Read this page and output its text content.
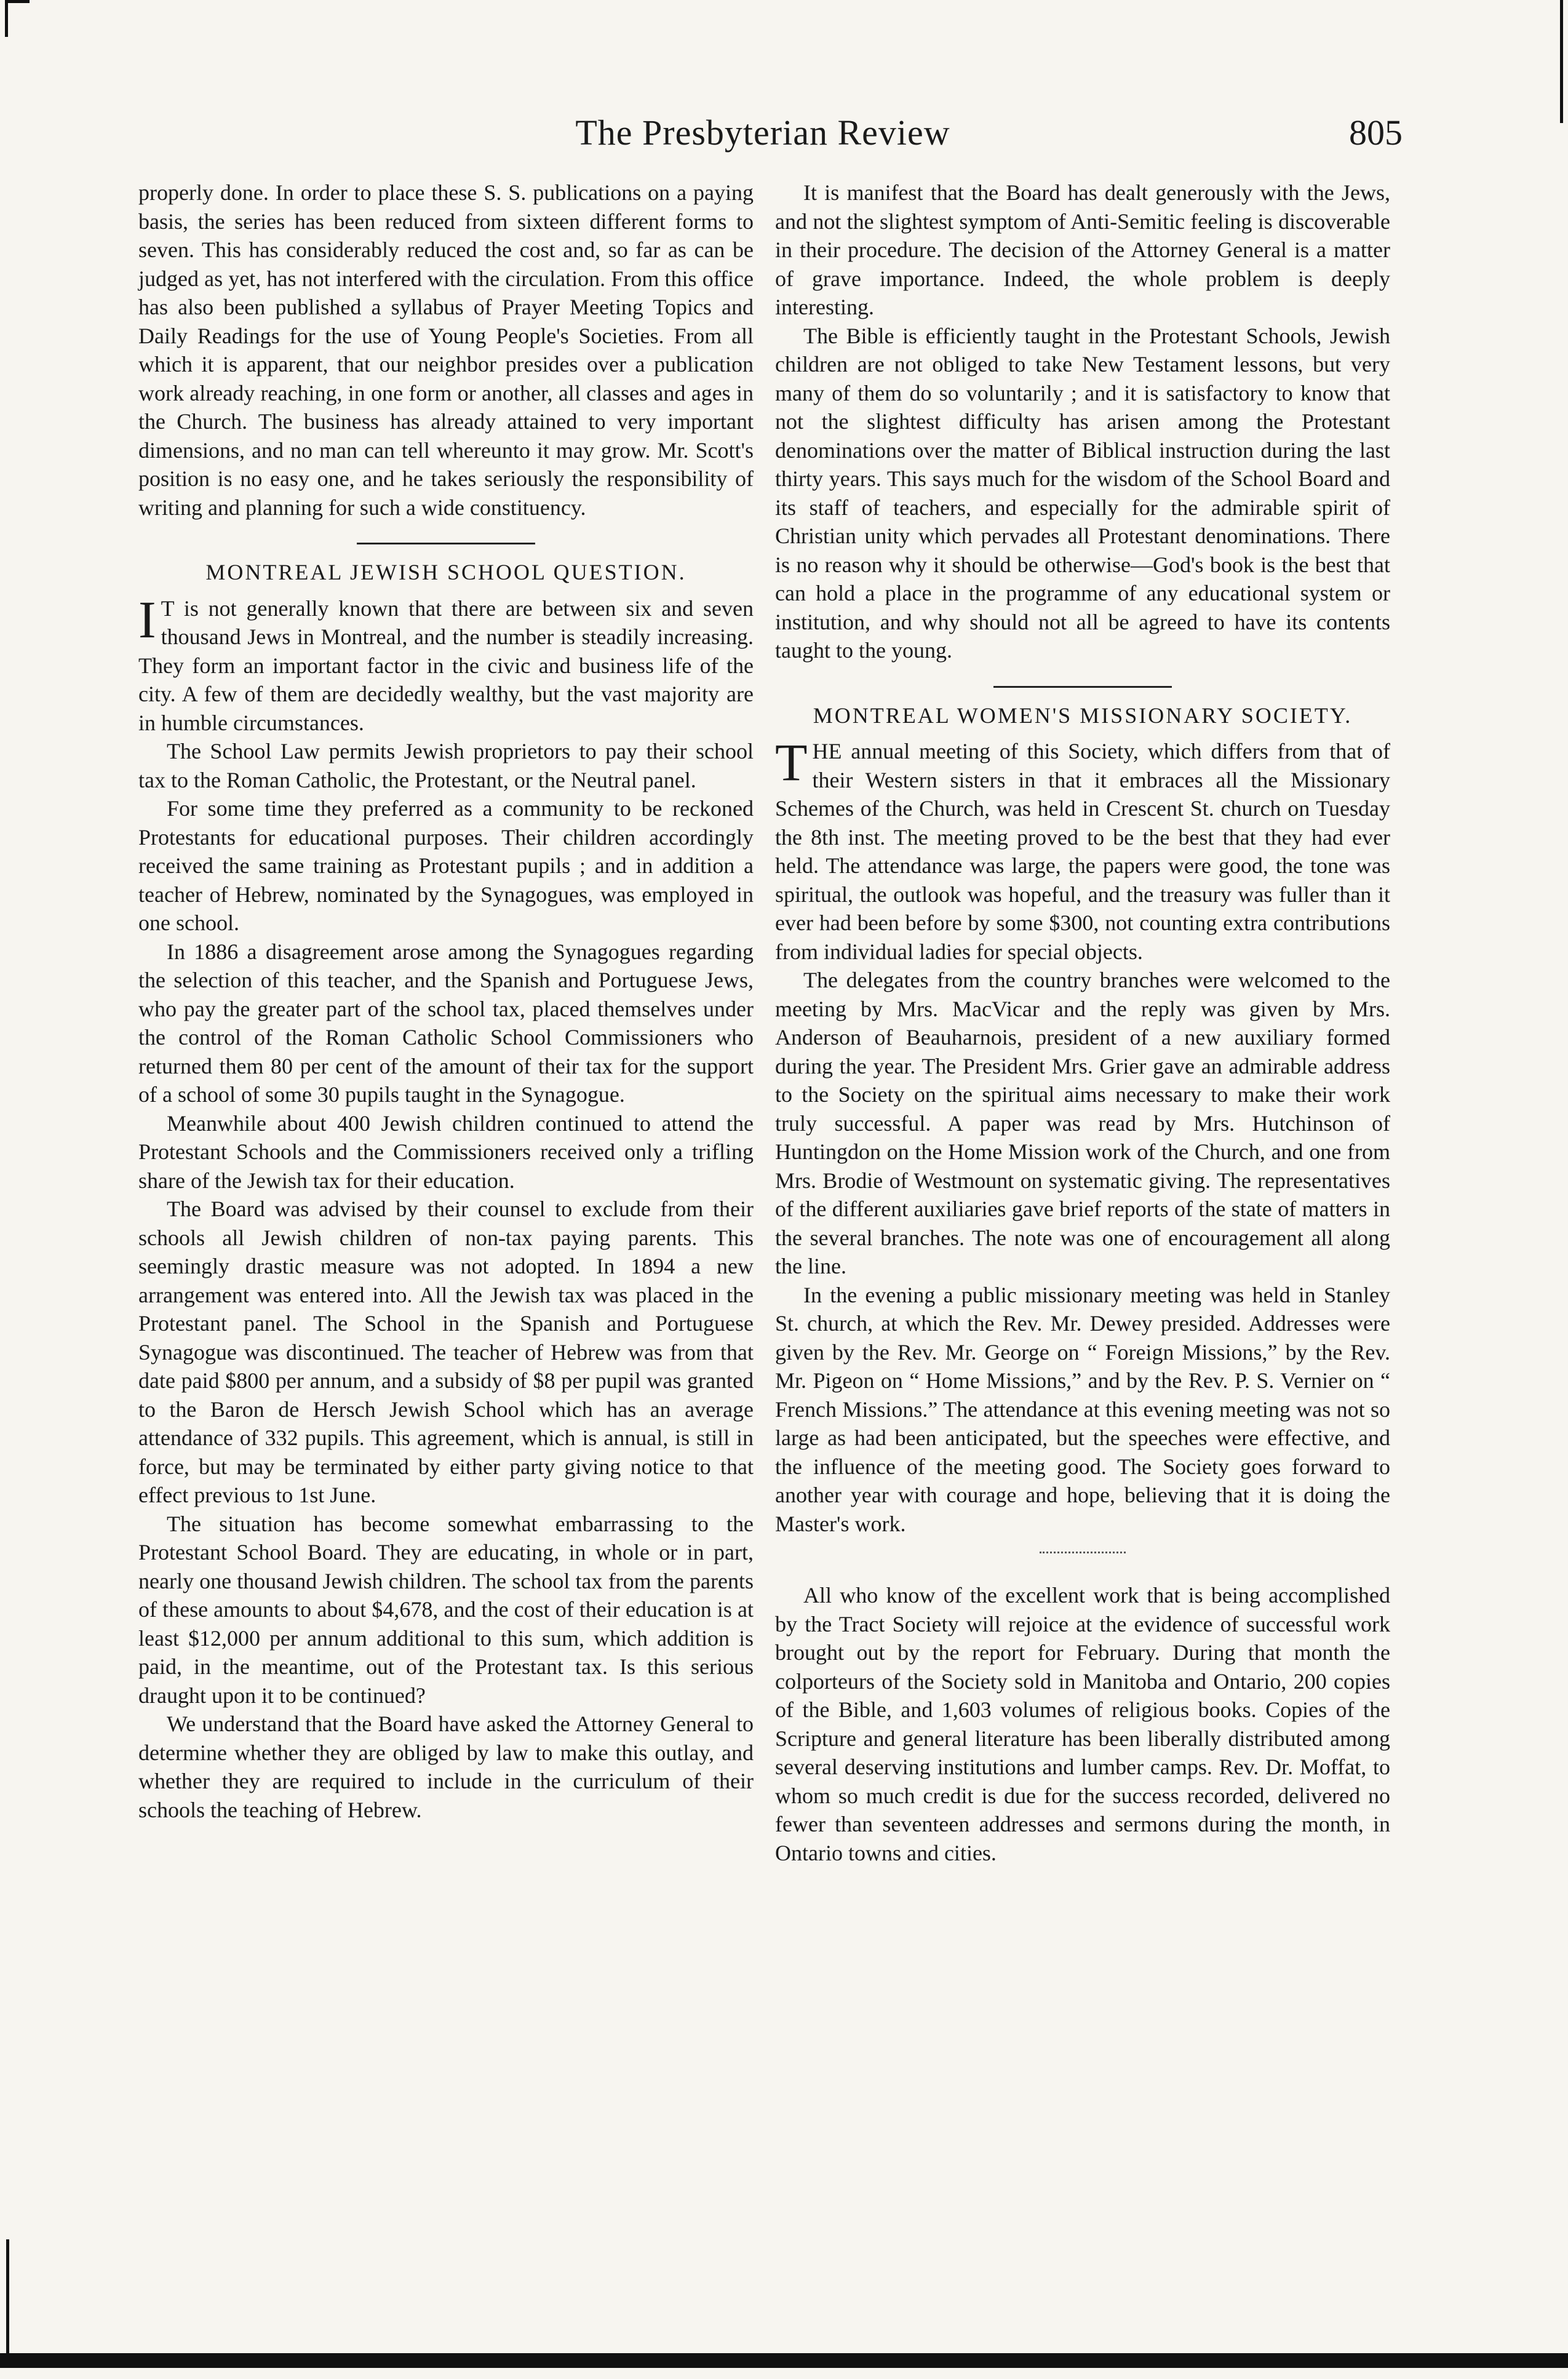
The Presbyterian Review	805

properly done. In order to place these S. S. publications on a paying basis, the series has been reduced from sixteen different forms to seven. This has considerably reduced the cost and, so far as can be judged as yet, has not interfered with the circulation. From this office has also been published a syllabus of Prayer Meeting Topics and Daily Readings for the use of Young People's Societies. From all which it is apparent, that our neighbor presides over a publication work already reaching, in one form or another, all classes and ages in the Church. The business has already attained to very important dimensions, and no man can tell whereunto it may grow. Mr. Scott's position is no easy one, and he takes seriously the responsibility of writing and planning for such a wide constituency.

MONTREAL JEWISH SCHOOL QUESTION.

I T is not generally known that there are between six and seven thousand Jews in Montreal, and the number is steadily increasing. They form an important factor in the civic and business life of the city. A few of them are decidedly wealthy, but the vast majority are in humble circumstances.

The School Law permits Jewish proprietors to pay their school tax to the Roman Catholic, the Protestant, or the Neutral panel.

For some time they preferred as a community to be reckoned Protestants for educational purposes. Their children accordingly received the same training as Protestant pupils ; and in addition a teacher of Hebrew, nominated by the Synagogues, was employed in one school.

In 1886 a disagreement arose among the Synagogues regarding the selection of this teacher, and the Spanish and Portuguese Jews, who pay the greater part of the school tax, placed themselves under the control of the Roman Catholic School Commissioners who returned them 80 per cent of the amount of their tax for the support of a school of some 30 pupils taught in the Synagogue.

Meanwhile about 400 Jewish children continued to attend the Protestant Schools and the Commissioners received only a trifling share of the Jewish tax for their education.

The Board was advised by their counsel to exclude from their schools all Jewish children of non-tax paying parents. This seemingly drastic measure was not adopted. In 1894 a new arrangement was entered into. All the Jewish tax was placed in the Protestant panel. The School in the Spanish and Portuguese Synagogue was discontinued. The teacher of Hebrew was from that date paid $800 per annum, and a subsidy of $8 per pupil was granted to the Baron de Hersch Jewish School which has an average attendance of 332 pupils. This agreement, which is annual, is still in force, but may be terminated by either party giving notice to that effect previous to 1st June.

The situation has become somewhat embarrassing to the Protestant School Board. They are educating, in whole or in part, nearly one thousand Jewish children. The school tax from the parents of these amounts to about $4,678, and the cost of their education is at least $12,000 per annum additional to this sum, which addition is paid, in the meantime, out of the Protestant tax. Is this serious draught upon it to be continued?

We understand that the Board have asked the Attorney General to determine whether they are obliged by law to make this outlay, and whether they are required to include in the curriculum of their schools the teaching of Hebrew.

It is manifest that the Board has dealt generously with the Jews, and not the slightest symptom of Anti-Semitic feeling is discoverable in their procedure. The decision of the Attorney General is a matter of grave importance. Indeed, the whole problem is deeply interesting.

The Bible is efficiently taught in the Protestant Schools, Jewish children are not obliged to take New Testament lessons, but very many of them do so voluntarily ; and it is satisfactory to know that not the slightest difficulty has arisen among the Protestant denominations over the matter of Biblical instruction during the last thirty years. This says much for the wisdom of the School Board and its staff of teachers, and especially for the admirable spirit of Christian unity which pervades all Protestant denominations. There is no reason why it should be otherwise—God's book is the best that can hold a place in the programme of any educational system or institution, and why should not all be agreed to have its contents taught to the young.

MONTREAL WOMEN'S MISSIONARY SOCIETY.

THE annual meeting of this Society, which differs from that of their Western sisters in that it embraces all the Missionary Schemes of the Church, was held in Crescent St. church on Tuesday the 8th inst. The meeting proved to be the best that they had ever held. The attendance was large, the papers were good, the tone was spiritual, the outlook was hopeful, and the treasury was fuller than it ever had been before by some $300, not counting extra contributions from individual ladies for special objects.

The delegates from the country branches were welcomed to the meeting by Mrs. MacVicar and the reply was given by Mrs. Anderson of Beauharnois, president of a new auxiliary formed during the year. The President Mrs. Grier gave an admirable address to the Society on the spiritual aims necessary to make their work truly successful. A paper was read by Mrs. Hutchinson of Huntingdon on the Home Mission work of the Church, and one from Mrs. Brodie of Westmount on systematic giving. The representatives of the different auxiliaries gave brief reports of the state of matters in the several branches. The note was one of encouragement all along the line.

In the evening a public missionary meeting was held in Stanley St. church, at which the Rev. Mr. Dewey presided. Addresses were given by the Rev. Mr. George on “ Foreign Missions,” by the Rev. Mr. Pigeon on “ Home Missions,” and by the Rev. P. S. Vernier on “ French Missions.” The attendance at this evening meeting was not so large as had been anticipated, but the speeches were effective, and the influence of the meeting good. The Society goes forward to another year with courage and hope, believing that it is doing the Master's work.

All who know of the excellent work that is being accomplished by the Tract Society will rejoice at the evidence of successful work brought out by the report for February. During that month the colporteurs of the Society sold in Manitoba and Ontario, 200 copies of the Bible, and 1,603 volumes of religious books. Copies of the Scripture and general literature has been liberally distributed among several deserving institutions and lumber camps. Rev. Dr. Moffat, to whom so much credit is due for the success recorded, delivered no fewer than seventeen addresses and sermons during the month, in Ontario towns and cities.
